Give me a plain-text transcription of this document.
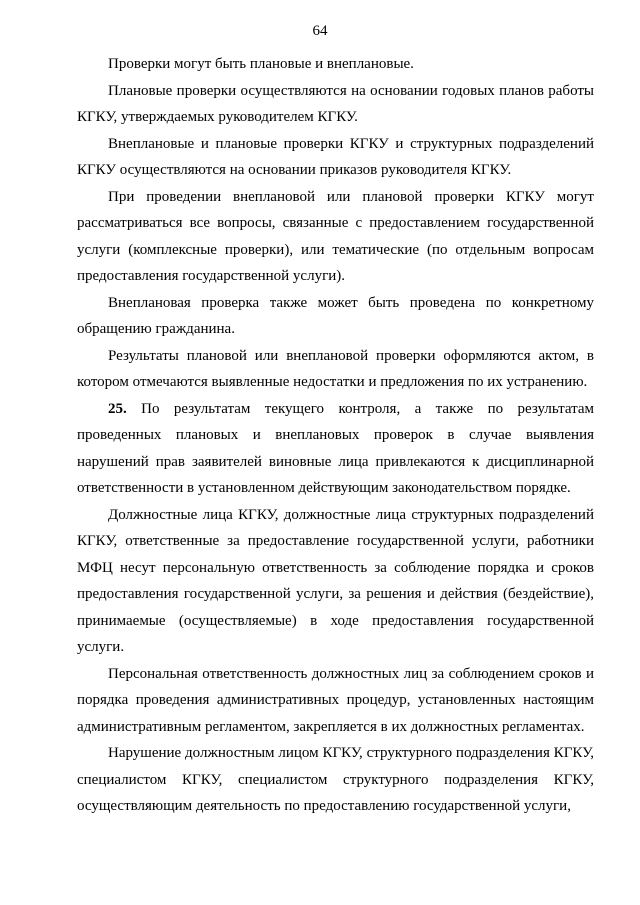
64

Проверки могут быть плановые и внеплановые.

Плановые проверки осуществляются на основании годовых планов работы КГКУ, утверждаемых руководителем КГКУ.

Внеплановые и плановые проверки КГКУ и структурных подразделений КГКУ осуществляются на основании приказов руководителя КГКУ.

При проведении внеплановой или плановой проверки КГКУ могут рассматриваться все вопросы, связанные с предоставлением государственной услуги (комплексные проверки), или тематические (по отдельным вопросам предоставления государственной услуги).

Внеплановая проверка также может быть проведена по конкретному обращению гражданина.

Результаты плановой или внеплановой проверки оформляются актом, в котором отмечаются выявленные недостатки и предложения по их устранению.

25. По результатам текущего контроля, а также по результатам проведенных плановых и внеплановых проверок в случае выявления нарушений прав заявителей виновные лица привлекаются к дисциплинарной ответственности в установленном действующим законодательством порядке.

Должностные лица КГКУ, должностные лица структурных подразделений КГКУ, ответственные за предоставление государственной услуги, работники МФЦ несут персональную ответственность за соблюдение порядка и сроков предоставления государственной услуги, за решения и действия (бездействие), принимаемые (осуществляемые) в ходе предоставления государственной услуги.

Персональная ответственность должностных лиц за соблюдением сроков и порядка проведения административных процедур, установленных настоящим административным регламентом, закрепляется в их должностных регламентах.

Нарушение должностным лицом КГКУ, структурного подразделения КГКУ, специалистом КГКУ, специалистом структурного подразделения КГКУ, осуществляющим деятельность по предоставлению государственной услуги,
